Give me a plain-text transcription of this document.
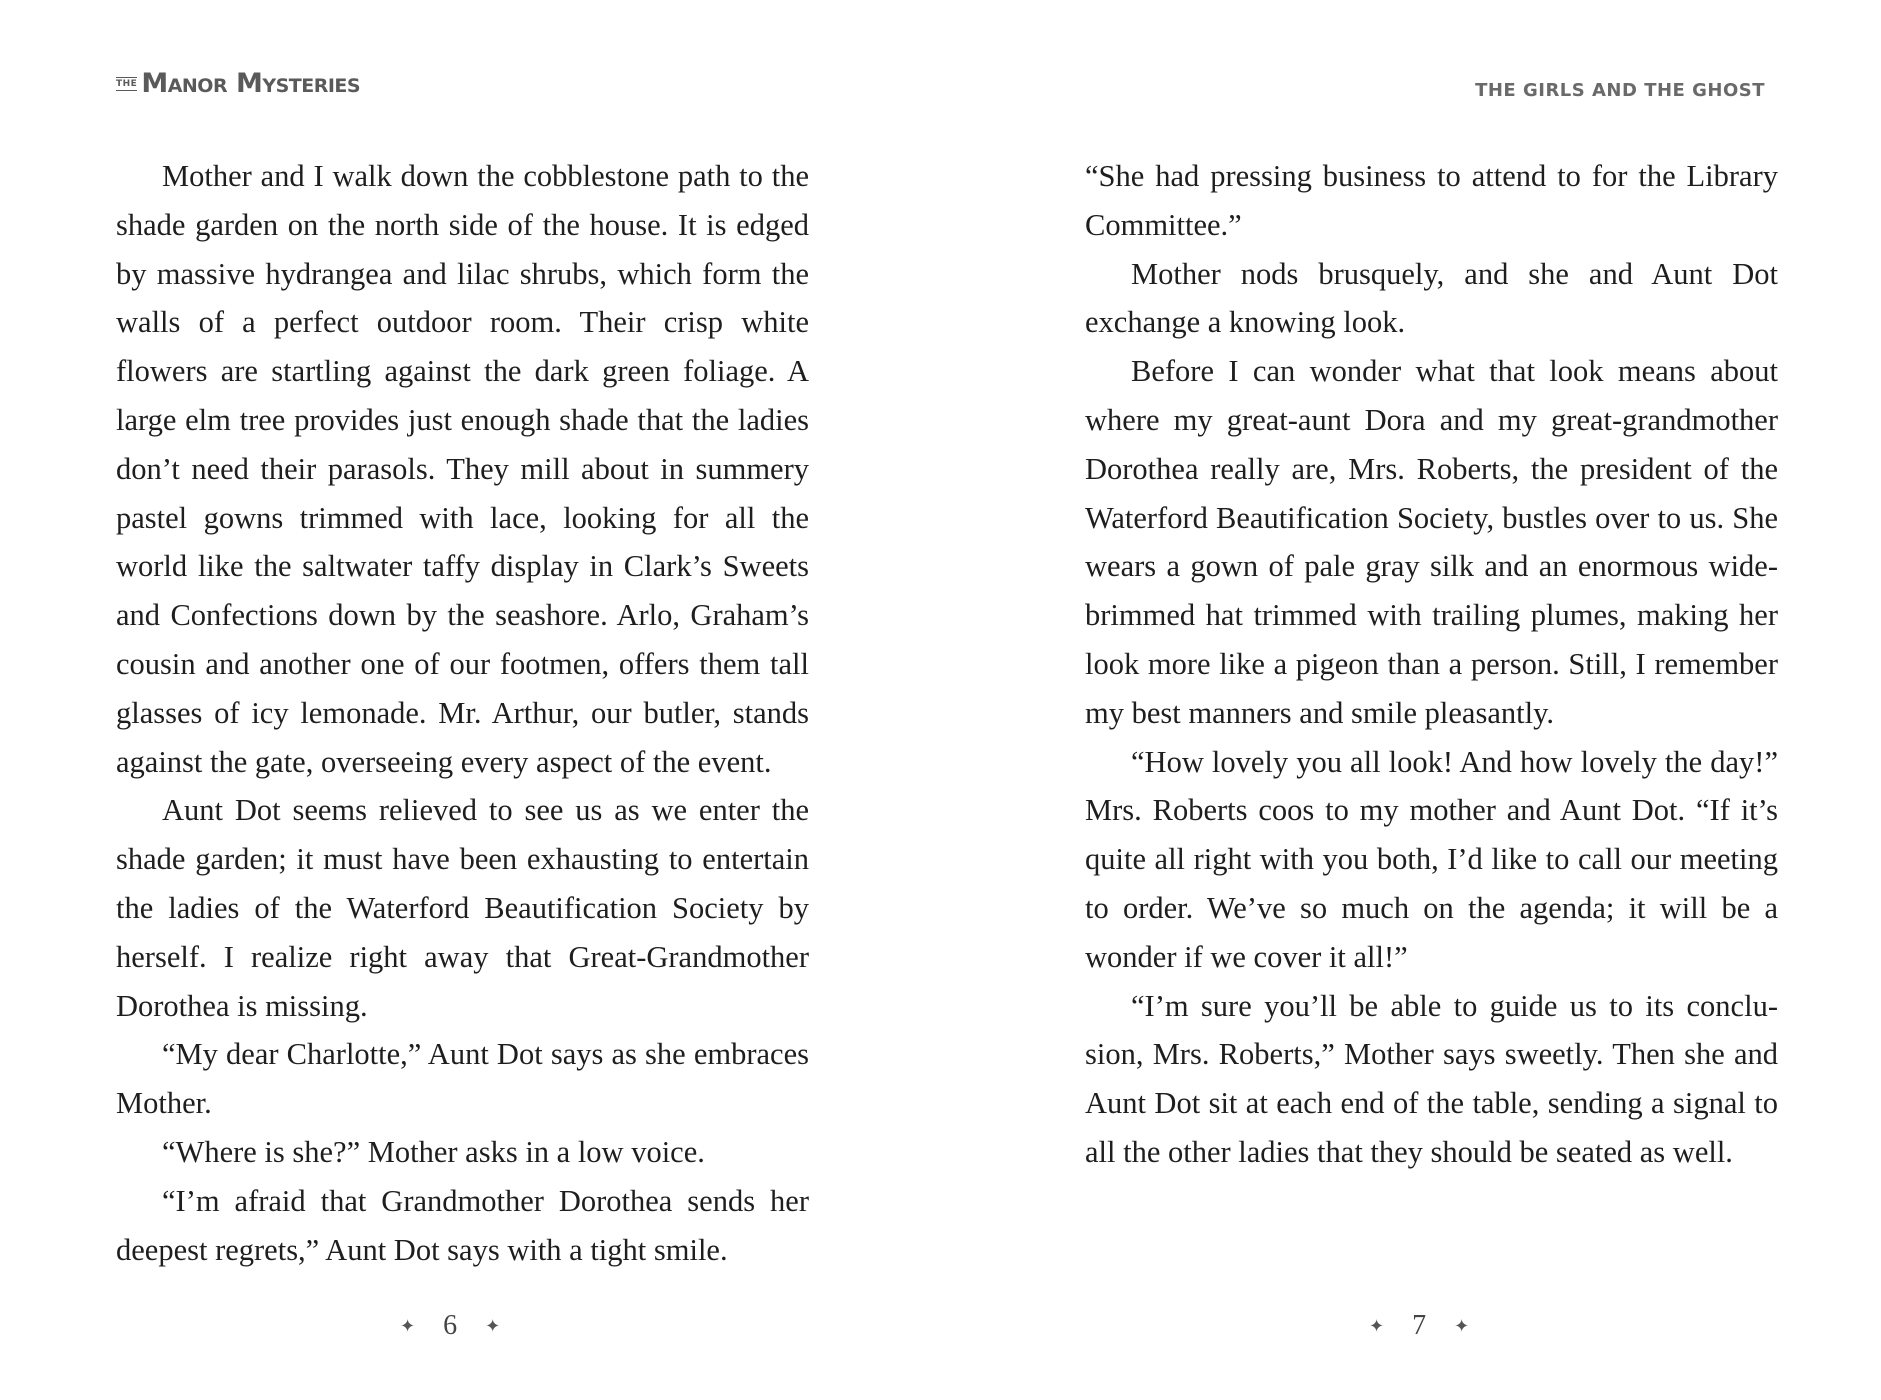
THE Manor Mysteries

Mother and I walk down the cobblestone path to the shade garden on the north side of the house. It is edged by massive hydrangea and lilac shrubs, which form the walls of a perfect outdoor room. Their crisp white flowers are startling against the dark green foliage. A large elm tree provides just enough shade that the ladies don’t need their parasols. They mill about in summery pastel gowns trimmed with lace, looking for all the world like the saltwater taffy display in Clark’s Sweets and Confections down by the seashore. Arlo, Graham’s cousin and another one of our footmen, offers them tall glasses of icy lemonade. Mr. Arthur, our butler, stands against the gate, overseeing every aspect of the event.

Aunt Dot seems relieved to see us as we enter the shade garden; it must have been exhausting to entertain the ladies of the Waterford Beautification Society by herself. I realize right away that Great-Grandmother Dorothea is missing.

“My dear Charlotte,” Aunt Dot says as she embraces Mother.

“Where is she?” Mother asks in a low voice.

“I’m afraid that Grandmother Dorothea sends her deepest regrets,” Aunt Dot says with a tight smile.

✦ 6 ✦
THE GIRLS AND THE GHOST

“She had pressing business to attend to for the Library Committee.”

Mother nods brusquely, and she and Aunt Dot exchange a knowing look.

Before I can wonder what that look means about where my great-aunt Dora and my great-grandmother Dorothea really are, Mrs. Roberts, the president of the Waterford Beautification Society, bustles over to us. She wears a gown of pale gray silk and an enormous wide-brimmed hat trimmed with trailing plumes, making her look more like a pigeon than a person. Still, I remember my best manners and smile pleasantly.

“How lovely you all look! And how lovely the day!” Mrs. Roberts coos to my mother and Aunt Dot. “If it’s quite all right with you both, I’d like to call our meeting to order. We’ve so much on the agenda; it will be a wonder if we cover it all!”

“I’m sure you’ll be able to guide us to its conclusion, Mrs. Roberts,” Mother says sweetly. Then she and Aunt Dot sit at each end of the table, sending a signal to all the other ladies that they should be seated as well.

✦ 7 ✦
